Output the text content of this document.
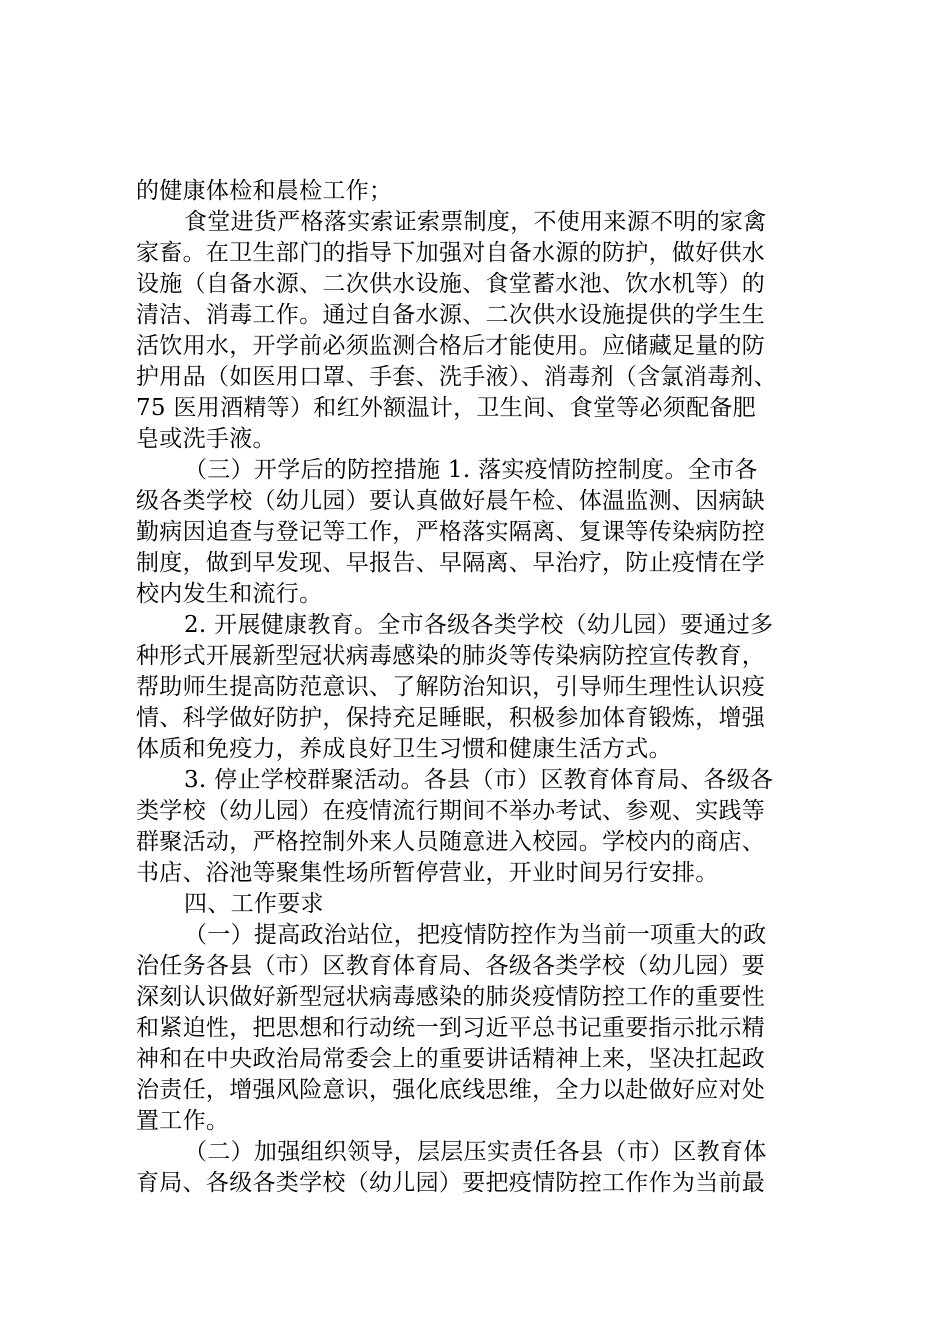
的健康体检和晨检工作；
食堂进货严格落实索证索票制度，不使用来源不明的家禽
家畜。在卫生部门的指导下加强对自备水源的防护，做好供水
设施（自备水源、二次供水设施、食堂蓄水池、饮水机等）的
清洁、消毒工作。通过自备水源、二次供水设施提供的学生生
活饮用水，开学前必须监测合格后才能使用。应储藏足量的防
护用品（如医用口罩、手套、洗手液）、消毒剂（含氯消毒剂、
75 医用酒精等）和红外额温计，卫生间、食堂等必须配备肥
皂或洗手液。
（三）开学后的防控措施 1. 落实疫情防控制度。全市各
级各类学校（幼儿园）要认真做好晨午检、体温监测、因病缺
勤病因追查与登记等工作，严格落实隔离、复课等传染病防控
制度，做到早发现、早报告、早隔离、早治疗，防止疫情在学
校内发生和流行。
2. 开展健康教育。全市各级各类学校（幼儿园）要通过多
种形式开展新型冠状病毒感染的肺炎等传染病防控宣传教育，
帮助师生提高防范意识、了解防治知识，引导师生理性认识疫
情、科学做好防护，保持充足睡眠，积极参加体育锻炼，增强
体质和免疫力，养成良好卫生习惯和健康生活方式。
3. 停止学校群聚活动。各县（市）区教育体育局、各级各
类学校（幼儿园）在疫情流行期间不举办考试、参观、实践等
群聚活动，严格控制外来人员随意进入校园。学校内的商店、
书店、浴池等聚集性场所暂停营业，开业时间另行安排。
四、工作要求
（一）提高政治站位，把疫情防控作为当前一项重大的政
治任务各县（市）区教育体育局、各级各类学校（幼儿园）要
深刻认识做好新型冠状病毒感染的肺炎疫情防控工作的重要性
和紧迫性，把思想和行动统一到习近平总书记重要指示批示精
神和在中央政治局常委会上的重要讲话精神上来，坚决扛起政
治责任，增强风险意识，强化底线思维，全力以赴做好应对处
置工作。
（二）加强组织领导，层层压实责任各县（市）区教育体
育局、各级各类学校（幼儿园）要把疫情防控工作作为当前最
